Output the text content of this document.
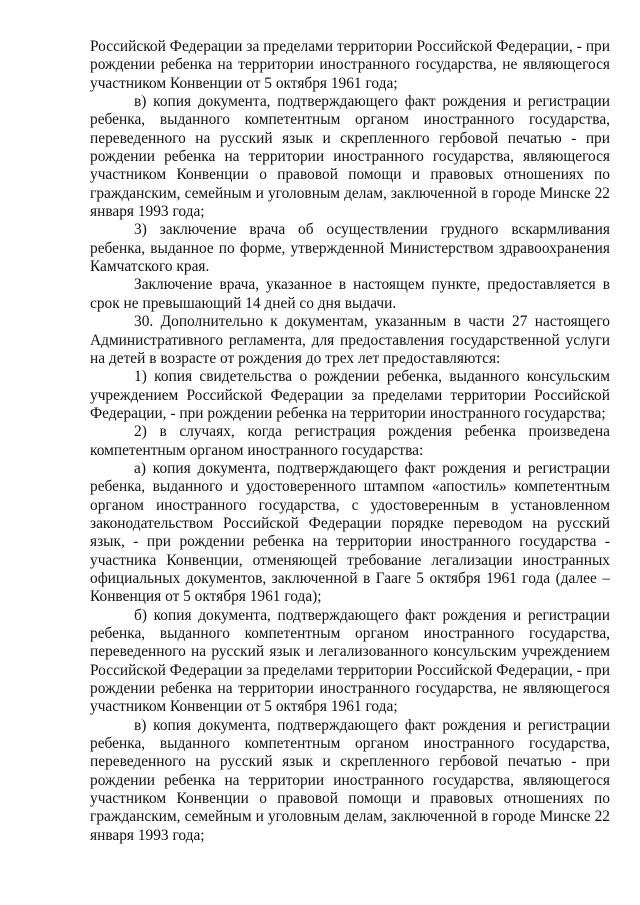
Российской Федерации за пределами территории Российской Федерации, - при рождении ребенка на территории иностранного государства, не являющегося участником Конвенции от 5 октября 1961 года;

в) копия документа, подтверждающего факт рождения и регистрации ребенка, выданного компетентным органом иностранного государства, переведенного на русский язык и скрепленного гербовой печатью - при рождении ребенка на территории иностранного государства, являющегося участником Конвенции о правовой помощи и правовых отношениях по гражданским, семейным и уголовным делам, заключенной в городе Минске 22 января 1993 года;

3) заключение врача об осуществлении грудного вскармливания ребенка, выданное по форме, утвержденной Министерством здравоохранения Камчатского края.

Заключение врача, указанное в настоящем пункте, предоставляется в срок не превышающий 14 дней со дня выдачи.

30. Дополнительно к документам, указанным в части 27 настоящего Административного регламента, для предоставления государственной услуги на детей в возрасте от рождения до трех лет предоставляются:

1) копия свидетельства о рождении ребенка, выданного консульским учреждением Российской Федерации за пределами территории Российской Федерации, - при рождении ребенка на территории иностранного государства;

2) в случаях, когда регистрация рождения ребенка произведена компетентным органом иностранного государства:

а) копия документа, подтверждающего факт рождения и регистрации ребенка, выданного и удостоверенного штампом «апостиль» компетентным органом иностранного государства, с удостоверенным в установленном законодательством Российской Федерации порядке переводом на русский язык, - при рождении ребенка на территории иностранного государства - участника Конвенции, отменяющей требование легализации иностранных официальных документов, заключенной в Гааге 5 октября 1961 года (далее – Конвенция от 5 октября 1961 года);

б) копия документа, подтверждающего факт рождения и регистрации ребенка, выданного компетентным органом иностранного государства, переведенного на русский язык и легализованного консульским учреждением Российской Федерации за пределами территории Российской Федерации, - при рождении ребенка на территории иностранного государства, не являющегося участником Конвенции от 5 октября 1961 года;

в) копия документа, подтверждающего факт рождения и регистрации ребенка, выданного компетентным органом иностранного государства, переведенного на русский язык и скрепленного гербовой печатью - при рождении ребенка на территории иностранного государства, являющегося участником Конвенции о правовой помощи и правовых отношениях по гражданским, семейным и уголовным делам, заключенной в городе Минске 22 января 1993 года;
